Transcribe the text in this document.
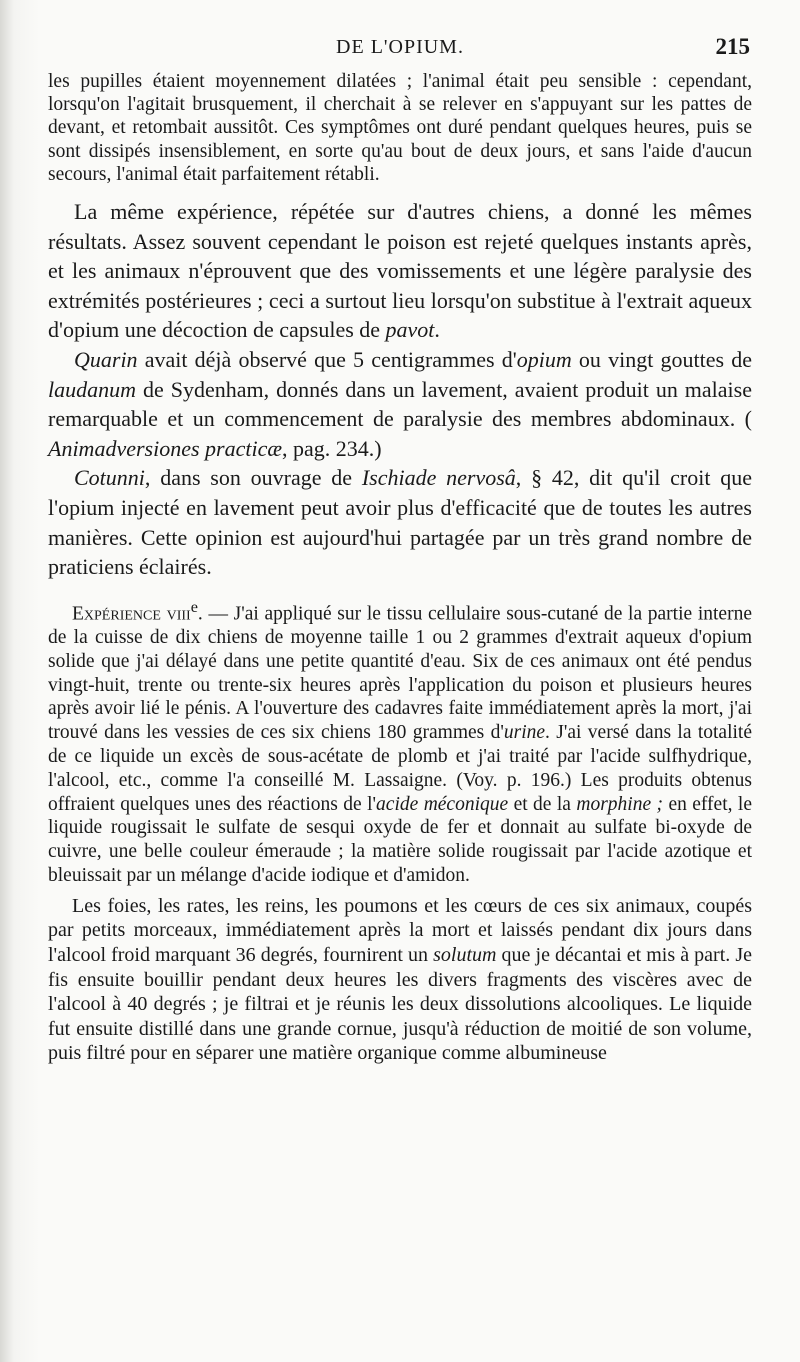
DE L'OPIUM.	215

les pupilles étaient moyennement dilatées ; l'animal était peu sensible : cependant, lorsqu'on l'agitait brusquement, il cherchait à se relever en s'appuyant sur les pattes de devant, et retombait aussitôt. Ces symptômes ont duré pendant quelques heures, puis se sont dissipés insensiblement, en sorte qu'au bout de deux jours, et sans l'aide d'aucun secours, l'animal était parfaitement rétabli.

La même expérience, répétée sur d'autres chiens, a donné les mêmes résultats. Assez souvent cependant le poison est rejeté quelques instants après, et les animaux n'éprouvent que des vomissements et une légère paralysie des extrémités postérieures ; ceci a surtout lieu lorsqu'on substitue à l'extrait aqueux d'opium une décoction de capsules de pavot.

Quarin avait déjà observé que 5 centigrammes d'opium ou vingt gouttes de laudanum de Sydenham, donnés dans un lavement, avaient produit un malaise remarquable et un commencement de paralysie des membres abdominaux. ( Animadversiones practicæ, pag. 234.)

Cotunni, dans son ouvrage de Ischiade nervosâ, § 42, dit qu'il croit que l'opium injecté en lavement peut avoir plus d'efficacité que de toutes les autres manières. Cette opinion est aujourd'hui partagée par un très grand nombre de praticiens éclairés.

Expérience viii$^e$. — J'ai appliqué sur le tissu cellulaire sous-cutané de la partie interne de la cuisse de dix chiens de moyenne taille 1 ou 2 grammes d'extrait aqueux d'opium solide que j'ai délayé dans une petite quantité d'eau. Six de ces animaux ont été pendus vingt-huit, trente ou trente-six heures après l'application du poison et plusieurs heures après avoir lié le pénis. A l'ouverture des cadavres faite immédiatement après la mort, j'ai trouvé dans les vessies de ces six chiens 180 grammes d'urine. J'ai versé dans la totalité de ce liquide un excès de sous-acétate de plomb et j'ai traité par l'acide sulfhydrique, l'alcool, etc., comme l'a conseillé M. Lassaigne. (Voy. p. 196.) Les produits obtenus offraient quelques unes des réactions de l'acide méconique et de la morphine ; en effet, le liquide rougissait le sulfate de sesqui oxyde de fer et donnait au sulfate bi-oxyde de cuivre, une belle couleur émeraude ; la matière solide rougissait par l'acide azotique et bleuissait par un mélange d'acide iodique et d'amidon.

Les foies, les rates, les reins, les poumons et les cœurs de ces six animaux, coupés par petits morceaux, immédiatement après la mort et laissés pendant dix jours dans l'alcool froid marquant 36 degrés, fournirent un solutum que je décantai et mis à part. Je fis ensuite bouillir pendant deux heures les divers fragments des viscères avec de l'alcool à 40 degrés ; je filtrai et je réunis les deux dissolutions alcooliques. Le liquide fut ensuite distillé dans une grande cornue, jusqu'à réduction de moitié de son volume, puis filtré pour en séparer une matière organique comme albumineuse
